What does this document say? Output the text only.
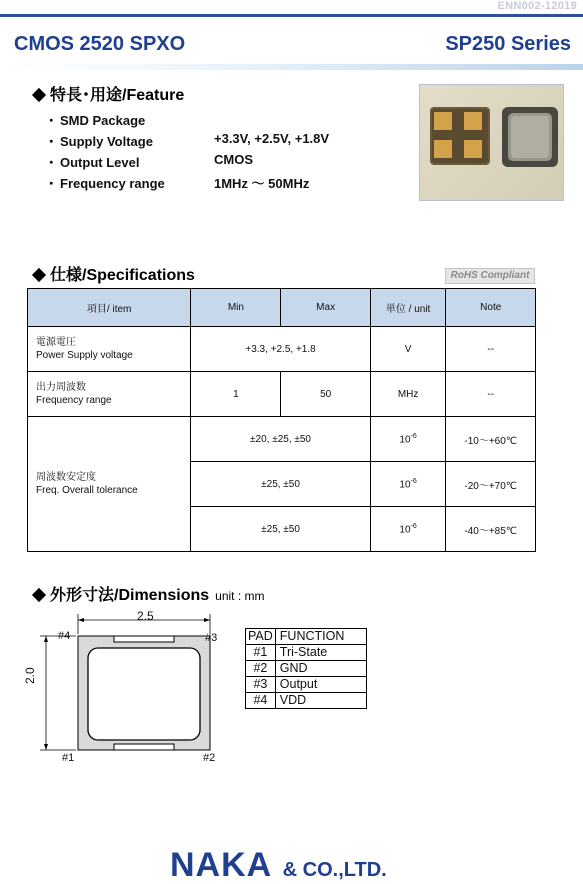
ENN002-12019
CMOS 2520 SPXO	SP250 Series
特長･用途/Feature
･ SMD Package
･ Supply Voltage	+3.3V, +2.5V, +1.8V
･ Output Level	CMOS
･ Frequency range	1MHz ～ 50MHz
仕様/Specifications	RoHS Compliant
項目/ item	Min	Max	単位 / unit	Note
電源電圧
Power Supply voltage	+3.3, +2.5, +1.8		V	--
出力周波数
Frequency range	1	50	MHz	--
周波数安定度
Freq. Overall tolerance	±20, ±25, ±50		$10^{-6}$	-10～+60℃
	±25, ±50		$10^{-6}$	-20～+70℃
	±25, ±50		$10^{-6}$	-40～+85℃
外形寸法/Dimensions unit : mm
2.5
2.0
#4	#3
#1	#2
PAD	FUNCTION
#1	Tri-State
#2	GND
#3	Output
#4	VDD
NAKA & CO.,LTD.
